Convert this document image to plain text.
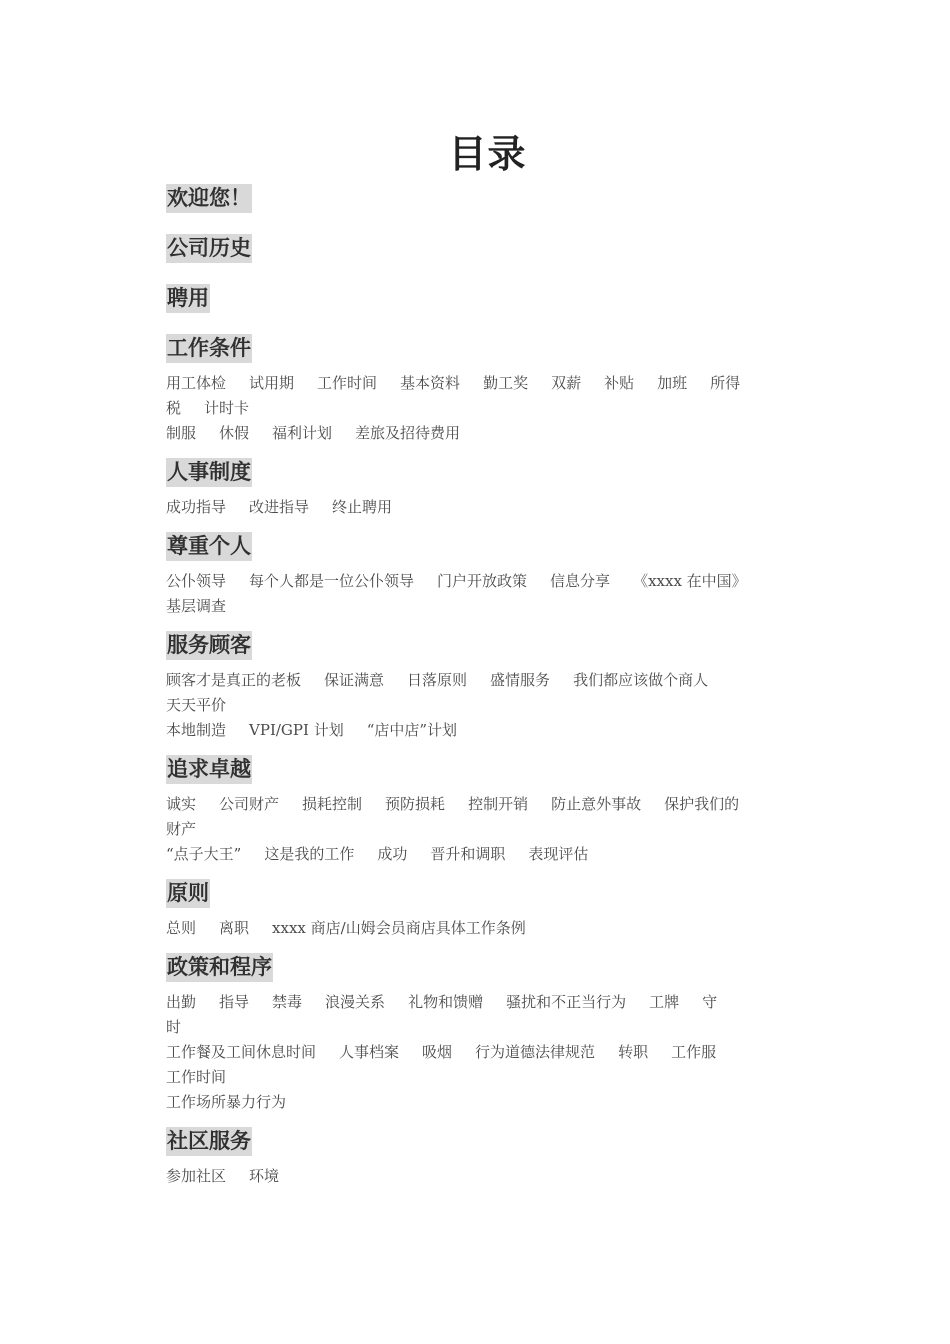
目录
欢迎您！
公司历史
聘用
工作条件
用工体检 试用期 工作时间 基本资料 勤工奖 双薪 补贴 加班 所得
税 计时卡
制服 休假 福利计划 差旅及招待费用
人事制度
成功指导 改进指导 终止聘用
尊重个人
公仆领导 每个人都是一位公仆领导 门户开放政策 信息分享 《xxxx 在中国》
基层调查
服务顾客
顾客才是真正的老板 保证满意 日落原则 盛情服务 我们都应该做个商人
天天平价
本地制造 VPI/GPI 计划 “店中店”计划
追求卓越
诚实 公司财产 损耗控制 预防损耗 控制开销 防止意外事故 保护我们的
财产
“点子大王” 这是我的工作 成功 晋升和调职 表现评估
原则
总则 离职 xxxx 商店/山姆会员商店具体工作条例
政策和程序
出勤 指导 禁毒 浪漫关系 礼物和馈赠 骚扰和不正当行为 工牌 守
时
工作餐及工间休息时间 人事档案 吸烟 行为道德法律规范 转职 工作服
工作时间
工作场所暴力行为
社区服务
参加社区 环境
